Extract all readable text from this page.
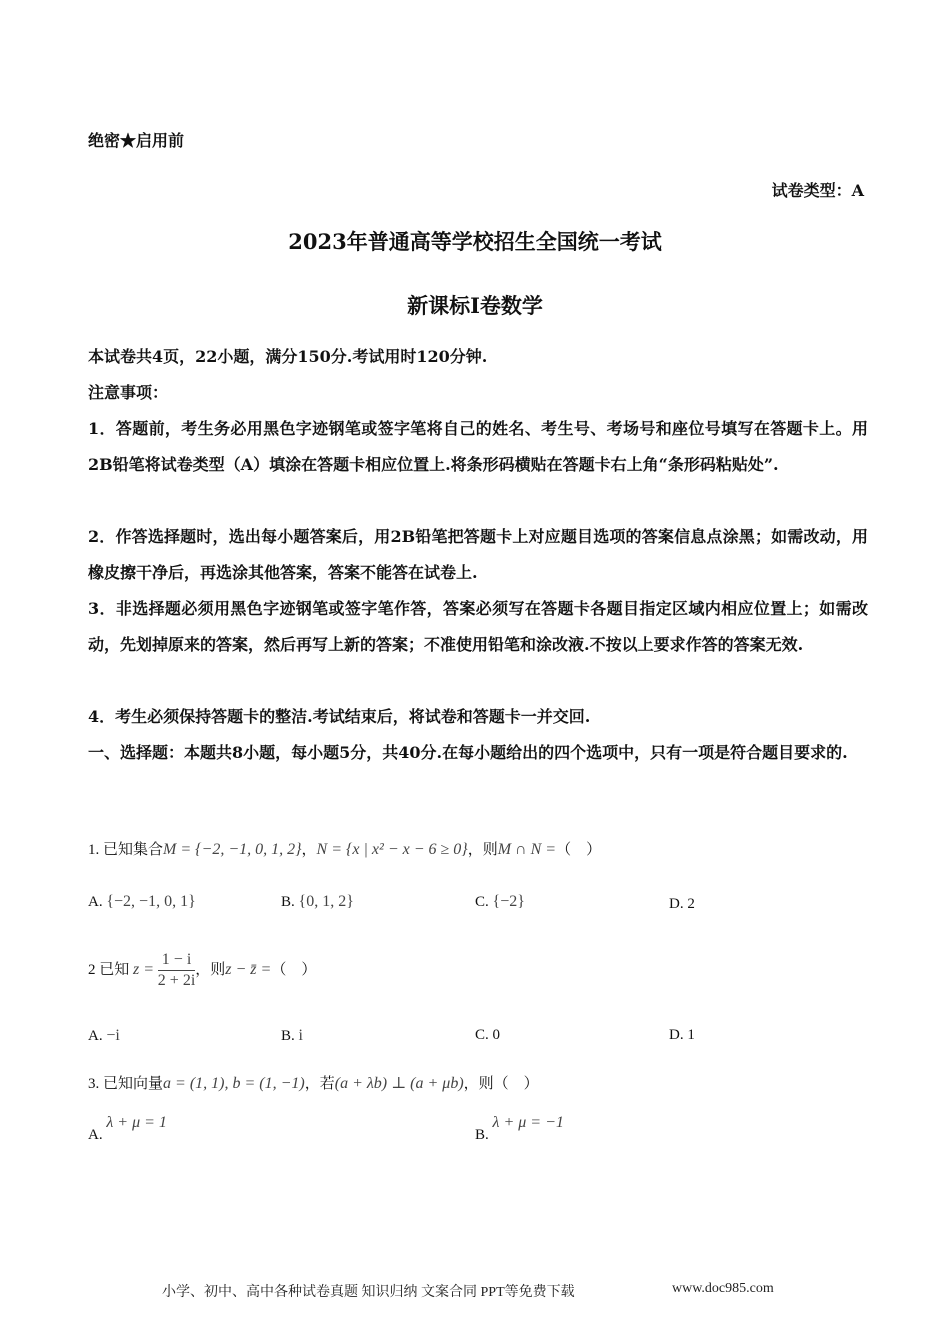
绝密★启用前
试卷类型：A
2023年普通高等学校招生全国统一考试
新课标Ⅰ卷数学
本试卷共4页，22小题，满分150分.考试用时120分钟.
注意事项：
1．答题前，考生务必用黑色字迹钢笔或签字笔将自己的姓名、考生号、考场号和座位号填写在答题卡上。用2B铅笔将试卷类型（A）填涂在答题卡相应位置上.将条形码横贴在答题卡右上角“条形码粘贴处”.
2．作答选择题时，选出每小题答案后，用2B铅笔把答题卡上对应题目选项的答案信息点涂黑；如需改动，用橡皮擦干净后，再选涂其他答案，答案不能答在试卷上.
3．非选择题必须用黑色字迹钢笔或签字笔作答，答案必须写在答题卡各题目指定区域内相应位置上；如需改动，先划掉原来的答案，然后再写上新的答案；不准使用铅笔和涂改液.不按以上要求作答的答案无效.
4．考生必须保持答题卡的整洁.考试结束后，将试卷和答题卡一并交回.
一、选择题：本题共8小题，每小题5分，共40分.在每小题给出的四个选项中，只有一项是符合题目要求的.
1. 已知集合M = {−2, −1, 0, 1, 2}，N = {x | x² − x − 6 ≥ 0}，则M ∩ N =（　）
A. {−2, −1, 0, 1}	B. {0, 1, 2}	C. {−2}	D. 2
2 已知 $z = \frac{1 - i}{2 + 2i}$ ，则z − z̄ =（　）
A. −i	B. i	C. 0	D. 1
3. 已知向量a = (1, 1), b = (1, −1)，若(a + λb) ⊥ (a + μb)，则（　）
A. λ + μ = 1
B. λ + μ = −1
小学、初中、高中各种试卷真题 知识归纳 文案合同 PPT等免费下载	www.doc985.com
